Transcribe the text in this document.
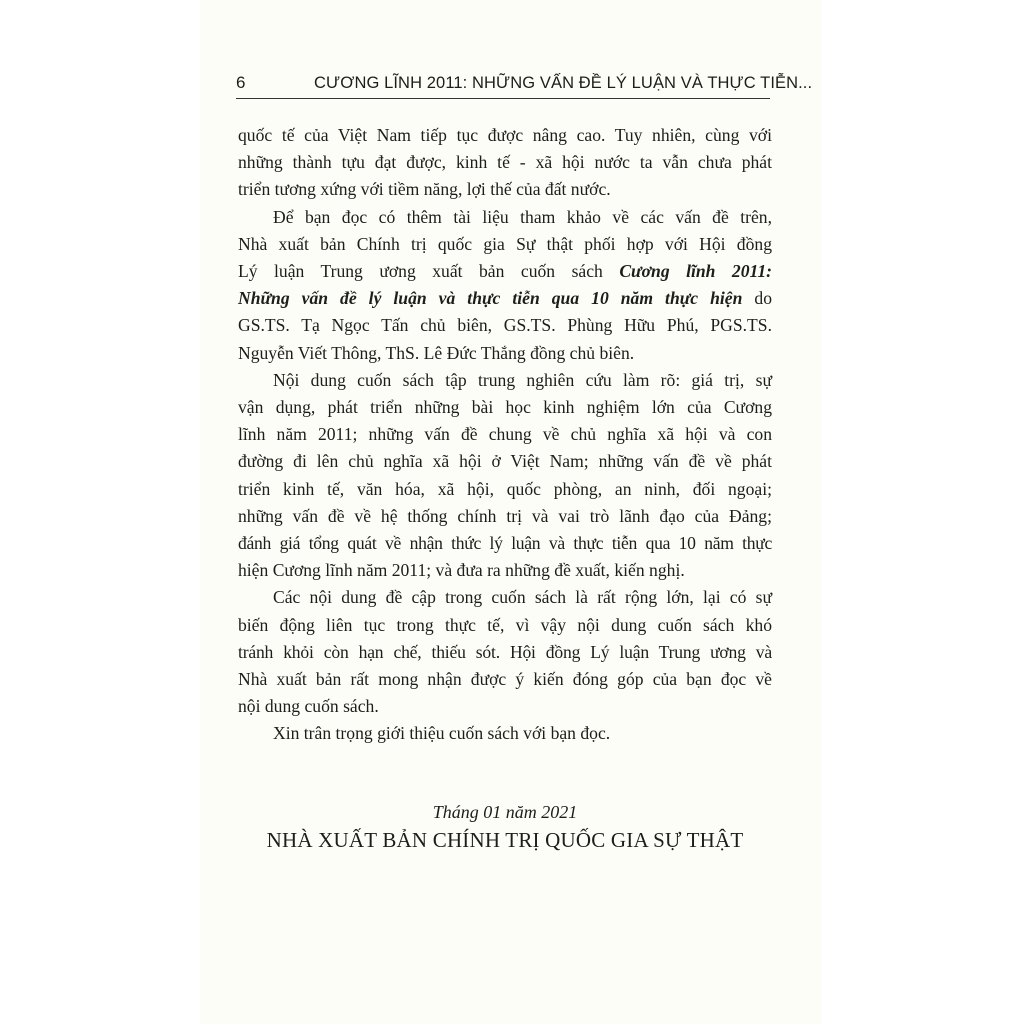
6	CƯƠNG LĨNH 2011: NHỮNG VẤN ĐỀ LÝ LUẬN VÀ THỰC TIỄN...

quốc tế của Việt Nam tiếp tục được nâng cao. Tuy nhiên, cùng với
những thành tựu đạt được, kinh tế - xã hội nước ta vẫn chưa phát
triển tương xứng với tiềm năng, lợi thế của đất nước.

Để bạn đọc có thêm tài liệu tham khảo về các vấn đề trên,
Nhà xuất bản Chính trị quốc gia Sự thật phối hợp với Hội đồng
Lý luận Trung ương xuất bản cuốn sách Cương lĩnh 2011:
Những vấn đề lý luận và thực tiễn qua 10 năm thực hiện do
GS.TS. Tạ Ngọc Tấn chủ biên, GS.TS. Phùng Hữu Phú, PGS.TS.
Nguyễn Viết Thông, ThS. Lê Đức Thắng đồng chủ biên.

Nội dung cuốn sách tập trung nghiên cứu làm rõ: giá trị, sự
vận dụng, phát triển những bài học kinh nghiệm lớn của Cương
lĩnh năm 2011; những vấn đề chung về chủ nghĩa xã hội và con
đường đi lên chủ nghĩa xã hội ở Việt Nam; những vấn đề về phát
triển kinh tế, văn hóa, xã hội, quốc phòng, an ninh, đối ngoại;
những vấn đề về hệ thống chính trị và vai trò lãnh đạo của Đảng;
đánh giá tổng quát về nhận thức lý luận và thực tiễn qua 10 năm thực
hiện Cương lĩnh năm 2011; và đưa ra những đề xuất, kiến nghị.

Các nội dung đề cập trong cuốn sách là rất rộng lớn, lại có sự
biến động liên tục trong thực tế, vì vậy nội dung cuốn sách khó
tránh khỏi còn hạn chế, thiếu sót. Hội đồng Lý luận Trung ương và
Nhà xuất bản rất mong nhận được ý kiến đóng góp của bạn đọc về
nội dung cuốn sách.

Xin trân trọng giới thiệu cuốn sách với bạn đọc.

Tháng 01 năm 2021
NHÀ XUẤT BẢN CHÍNH TRỊ QUỐC GIA SỰ THẬT
